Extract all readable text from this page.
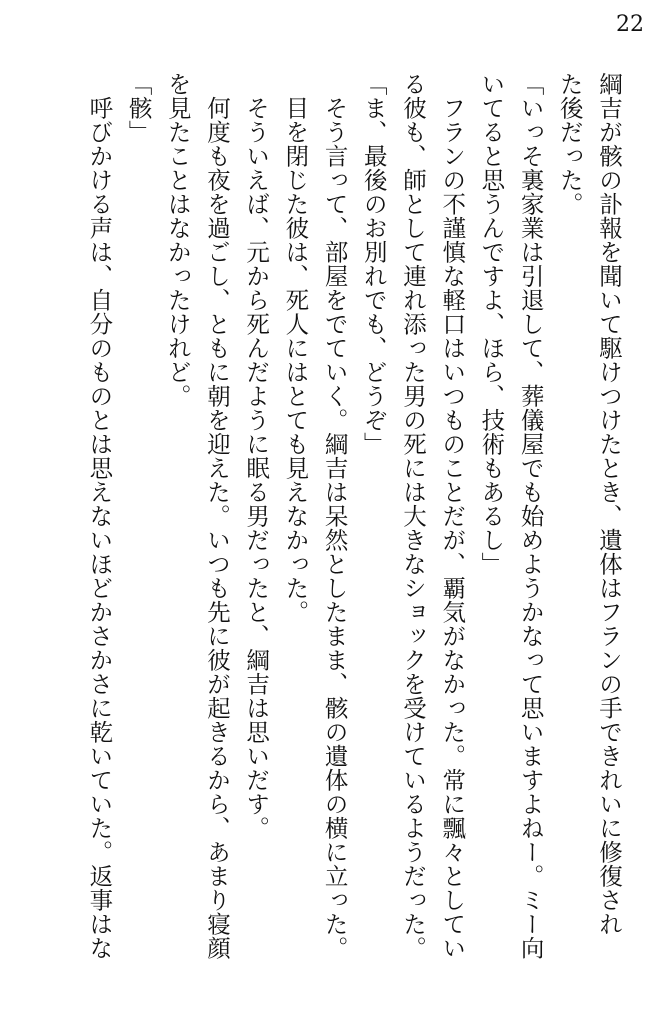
22
綱吉が骸の訃報を聞いて駆けつけたとき、遺体はフランの手できれいに修復され
た後だった。
「いっそ裏家業は引退して、葬儀屋でも始めようかなって思いますよねー。ミー向
いてると思うんですよ、ほら、技術もあるし」
　フランの不謹慎な軽口はいつものことだが、覇気がなかった。常に飄々としてい
る彼も、師として連れ添った男の死には大きなショックを受けているようだった。
「ま、最後のお別れでも、どうぞ」
　そう言って、部屋をでていく。綱吉は呆然としたまま、骸の遺体の横に立った。
　目を閉じた彼は、死人にはとても見えなかった。
　そういえば、元から死んだように眠る男だったと、綱吉は思いだす。
　何度も夜を過ごし、ともに朝を迎えた。いつも先に彼が起きるから、あまり寝顔
を見たことはなかったけれど。
「骸」
　呼びかける声は、自分のものとは思えないほどかさかさに乾いていた。返事はな
